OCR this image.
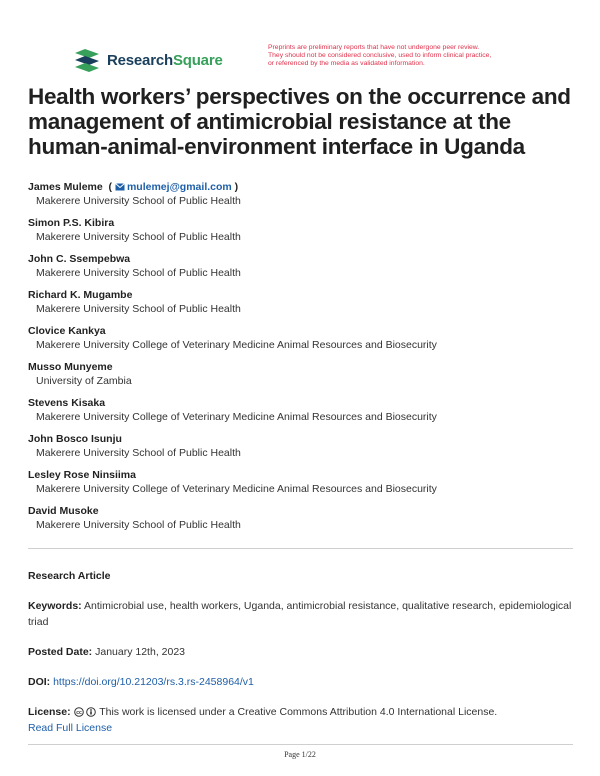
ResearchSquare
Preprints are preliminary reports that have not undergone peer review.
They should not be considered conclusive, used to inform clinical practice,
or referenced by the media as validated information.
Health workers’ perspectives on the occurrence and management of antimicrobial resistance at the human-animal-environment interface in Uganda
James Muleme  ( mulemej@gmail.com )
Makerere University School of Public Health
Simon P.S. Kibira
Makerere University School of Public Health
John C. Ssempebwa
Makerere University School of Public Health
Richard K. Mugambe
Makerere University School of Public Health
Clovice Kankya
Makerere University College of Veterinary Medicine Animal Resources and Biosecurity
Musso Munyeme
University of Zambia
Stevens Kisaka
Makerere University College of Veterinary Medicine Animal Resources and Biosecurity
John Bosco Isunju
Makerere University School of Public Health
Lesley Rose Ninsiima
Makerere University College of Veterinary Medicine Animal Resources and Biosecurity
David Musoke
Makerere University School of Public Health
Research Article
Keywords: Antimicrobial use, health workers, Uganda, antimicrobial resistance, qualitative research, epidemiological triad
Posted Date: January 12th, 2023
DOI: https://doi.org/10.21203/rs.3.rs-2458964/v1
License: cc This work is licensed under a Creative Commons Attribution 4.0 International License.
Read Full License
Page 1/22
